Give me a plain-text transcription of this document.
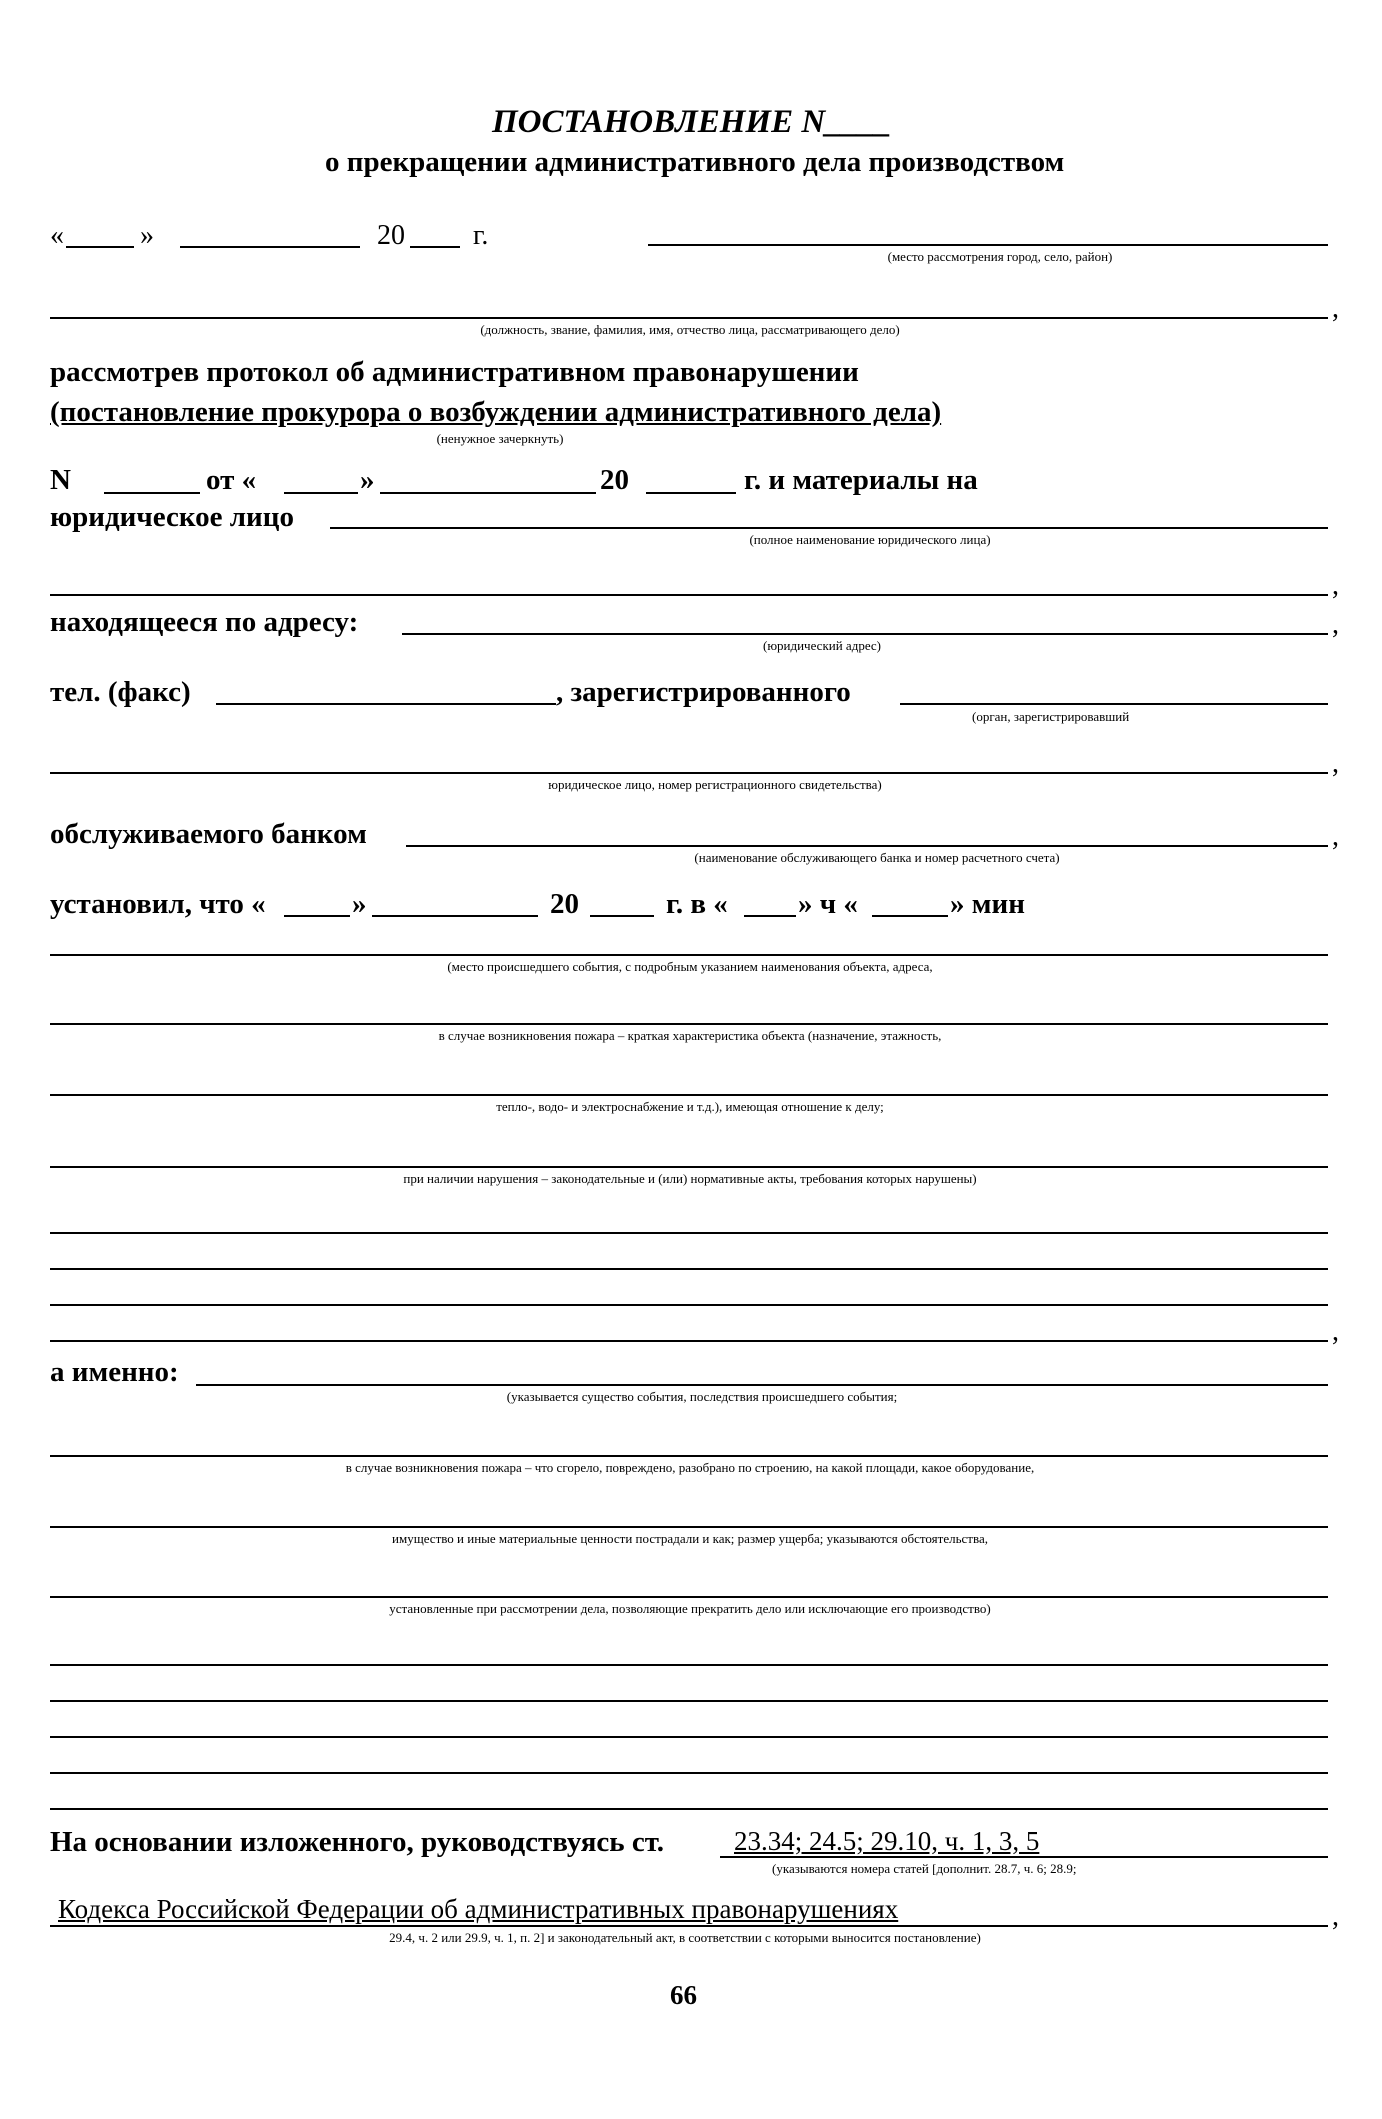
ПОСТАНОВЛЕНИЕ N____
о прекращении административного дела производством
«	»	20 г.
(место рассмотрения город, село, район)
,
(должность, звание, фамилия, имя, отчество лица, рассматривающего дело)
рассмотрев протокол об административном правонарушении
(постановление прокурора о возбуждении административного дела)
(ненужное зачеркнуть)
N	от «	»	20	г. и материалы на
юридическое лицо
(полное наименование юридического лица)
,
находящееся по адресу:	,
(юридический адрес)
тел. (факс)	, зарегистрированного
(орган, зарегистрировавший
,
юридическое лицо, номер регистрационного свидетельства)
обслуживаемого банком	,
(наименование обслуживающего банка и номер расчетного счета)
установил, что «	»	20	г. в « » ч «	» мин
(место происшедшего события, с подробным указанием наименования объекта, адреса,
в случае возникновения пожара – краткая характеристика объекта (назначение, этажность,
тепло-, водо- и электроснабжение и т.д.), имеющая отношение к делу;
при наличии нарушения – законодательные и (или) нормативные акты, требования которых нарушены)
,
а именно:
(указывается существо события, последствия происшедшего события;
в случае возникновения пожара – что сгорело, повреждено, разобрано по строению, на какой площади, какое оборудование,
имущество и иные материальные ценности пострадали и как; размер ущерба; указываются обстоятельства,
установленные при рассмотрении дела, позволяющие прекратить дело или исключающие его производство)
На основании изложенного, руководствуясь ст.	23.34; 24.5; 29.10, ч. 1, 3, 5
(указываются номера статей [дополнит. 28.7, ч. 6; 28.9;
Кодекса Российской Федерации об административных правонарушениях	,
29.4, ч. 2 или 29.9, ч. 1, п. 2] и законодательный акт, в соответствии с которыми выносится постановление)
66
